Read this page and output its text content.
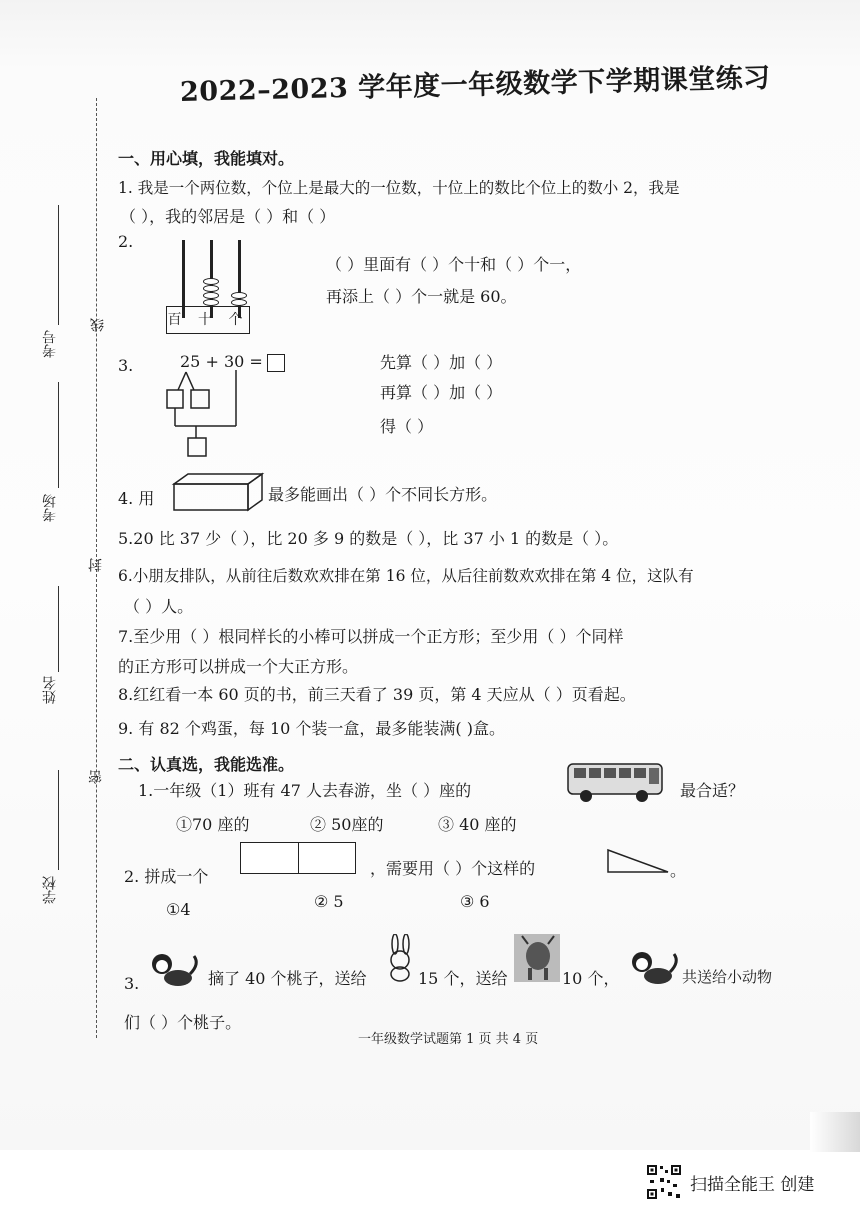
2022–2023 学年度一年级数学下学期课堂练习
考号
线
考场
封
姓名
密
学校
一、用心填，我能填对。
1. 我是一个两位数，个位上是最大的一位数，十位上的数比个位上的数小 2，我是
（ ），我的邻居是（ ）和（ ）
2.
百 十 个
（ ）里面有（ ）个十和（ ）个一，
再添上（ ）个一就是 60。
3.	25 + 30 =	先算（ ）加（ ）
再算（ ）加（ ）
得（ ）
4. 用	最多能画出（ ）个不同长方形。
5.20 比 37 少（ ），比 20 多 9 的数是（ ），比 37 小 1 的数是（ ）。
6.小朋友排队，从前往后数欢欢排在第 16 位，从后往前数欢欢排在第 4 位，这队有
（ ）人。
7.至少用（ ）根同样长的小棒可以拼成一个正方形；至少用（ ）个同样
的正方形可以拼成一个大正方形。
8.红红看一本 60 页的书，前三天看了 39 页，第 4 天应从（ ）页看起。
9. 有 82 个鸡蛋，每 10 个装一盒，最多能装满( )盒。
二、认真选，我能选准。
1.一年级（1）班有 47 人去春游，坐（ ）座的	最合适？
①70 座的	② 50座的	③ 40 座的
2. 拼成一个	，需要用（ ）个这样的	。
①4	② 5	③ 6
3.	摘了 40 个桃子，送给	15 个，送给	10 个，	共送给小动物
们（ ）个桃子。
一年级数学试题第 1 页 共 4 页
扫描全能王 创建
